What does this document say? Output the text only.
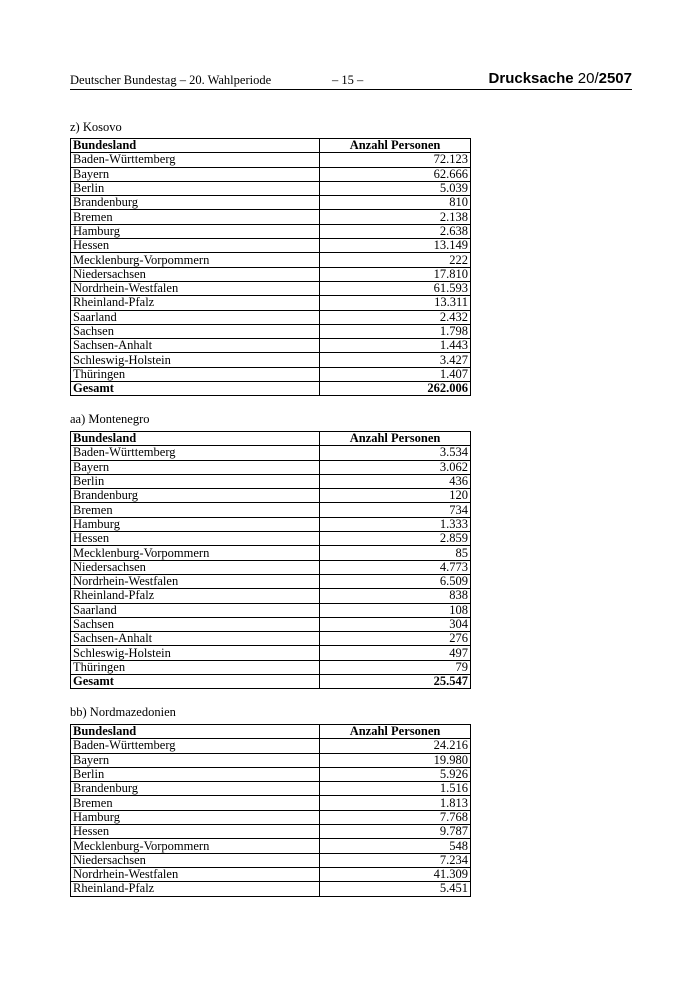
Deutscher Bundestag – 20. Wahlperiode	– 15 –	Drucksache 20/2507
z) Kosovo
Bundesland	Anzahl Personen
Baden-Württemberg	72.123
Bayern	62.666
Berlin	5.039
Brandenburg	810
Bremen	2.138
Hamburg	2.638
Hessen	13.149
Mecklenburg-Vorpommern	222
Niedersachsen	17.810
Nordrhein-Westfalen	61.593
Rheinland-Pfalz	13.311
Saarland	2.432
Sachsen	1.798
Sachsen-Anhalt	1.443
Schleswig-Holstein	3.427
Thüringen	1.407
Gesamt	262.006
aa) Montenegro
Bundesland	Anzahl Personen
Baden-Württemberg	3.534
Bayern	3.062
Berlin	436
Brandenburg	120
Bremen	734
Hamburg	1.333
Hessen	2.859
Mecklenburg-Vorpommern	85
Niedersachsen	4.773
Nordrhein-Westfalen	6.509
Rheinland-Pfalz	838
Saarland	108
Sachsen	304
Sachsen-Anhalt	276
Schleswig-Holstein	497
Thüringen	79
Gesamt	25.547
bb) Nordmazedonien
Bundesland	Anzahl Personen
Baden-Württemberg	24.216
Bayern	19.980
Berlin	5.926
Brandenburg	1.516
Bremen	1.813
Hamburg	7.768
Hessen	9.787
Mecklenburg-Vorpommern	548
Niedersachsen	7.234
Nordrhein-Westfalen	41.309
Rheinland-Pfalz	5.451
